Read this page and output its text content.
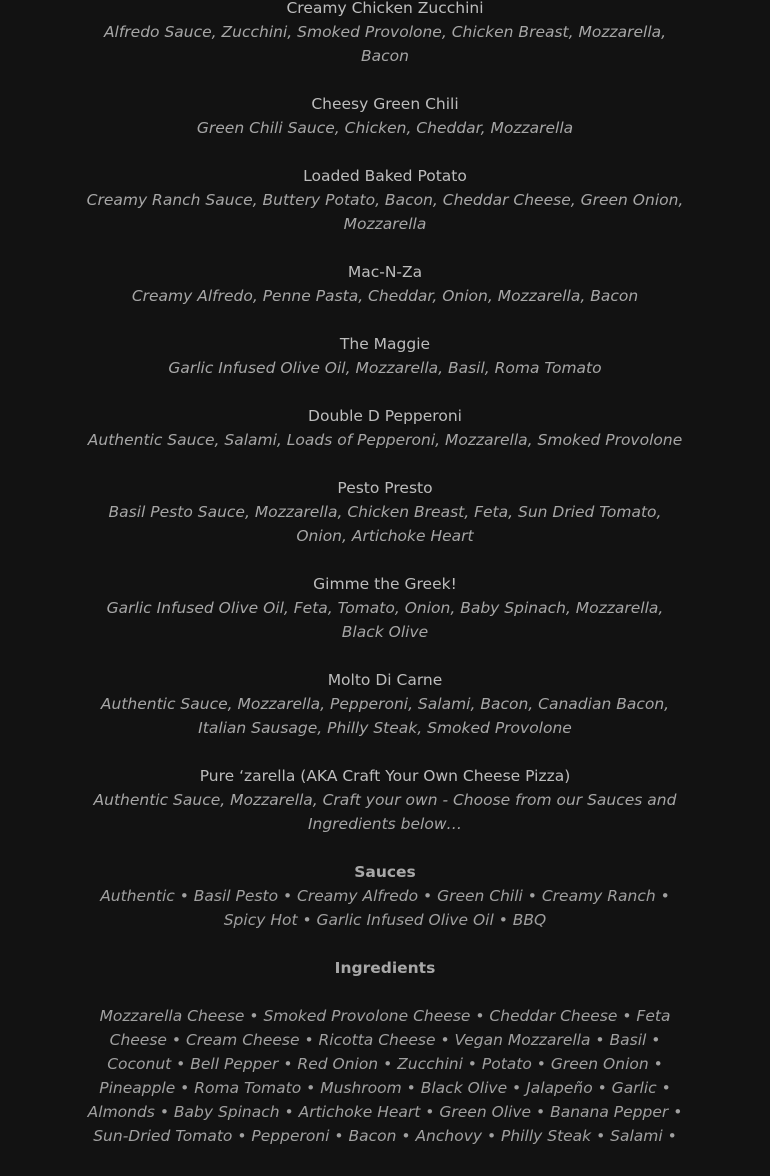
Creamy Chicken Zucchini
Alfredo Sauce, Zucchini, Smoked Provolone, Chicken Breast, Mozzarella, Bacon
Cheesy Green Chili
Green Chili Sauce, Chicken, Cheddar, Mozzarella
Loaded Baked Potato
Creamy Ranch Sauce, Buttery Potato, Bacon, Cheddar Cheese, Green Onion, Mozzarella
Mac-N-Za
Creamy Alfredo, Penne Pasta, Cheddar, Onion, Mozzarella, Bacon
The Maggie
Garlic Infused Olive Oil, Mozzarella, Basil, Roma Tomato
Double D Pepperoni
Authentic Sauce, Salami, Loads of Pepperoni, Mozzarella, Smoked Provolone
Pesto Presto
Basil Pesto Sauce, Mozzarella, Chicken Breast, Feta, Sun Dried Tomato, Onion, Artichoke Heart
Gimme the Greek!
Garlic Infused Olive Oil, Feta, Tomato, Onion, Baby Spinach, Mozzarella, Black Olive
Molto Di Carne
Authentic Sauce, Mozzarella, Pepperoni, Salami, Bacon, Canadian Bacon, Italian Sausage, Philly Steak, Smoked Provolone
Pure ‘zarella (AKA Craft Your Own Cheese Pizza)
Authentic Sauce, Mozzarella, Craft your own - Choose from our Sauces and Ingredients below…
Sauces
Authentic • Basil Pesto • Creamy Alfredo • Green Chili • Creamy Ranch • Spicy Hot • Garlic Infused Olive Oil • BBQ
Ingredients
Mozzarella Cheese • Smoked Provolone Cheese • Cheddar Cheese • Feta Cheese • Cream Cheese • Ricotta Cheese • Vegan Mozzarella • Basil • Coconut • Bell Pepper • Red Onion • Zucchini • Potato • Green Onion • Pineapple • Roma Tomato • Mushroom • Black Olive • Jalapeño • Garlic • Almonds • Baby Spinach • Artichoke Heart • Green Olive • Banana Pepper • Sun-Dried Tomato • Pepperoni • Bacon • Anchovy • Philly Steak • Salami •
